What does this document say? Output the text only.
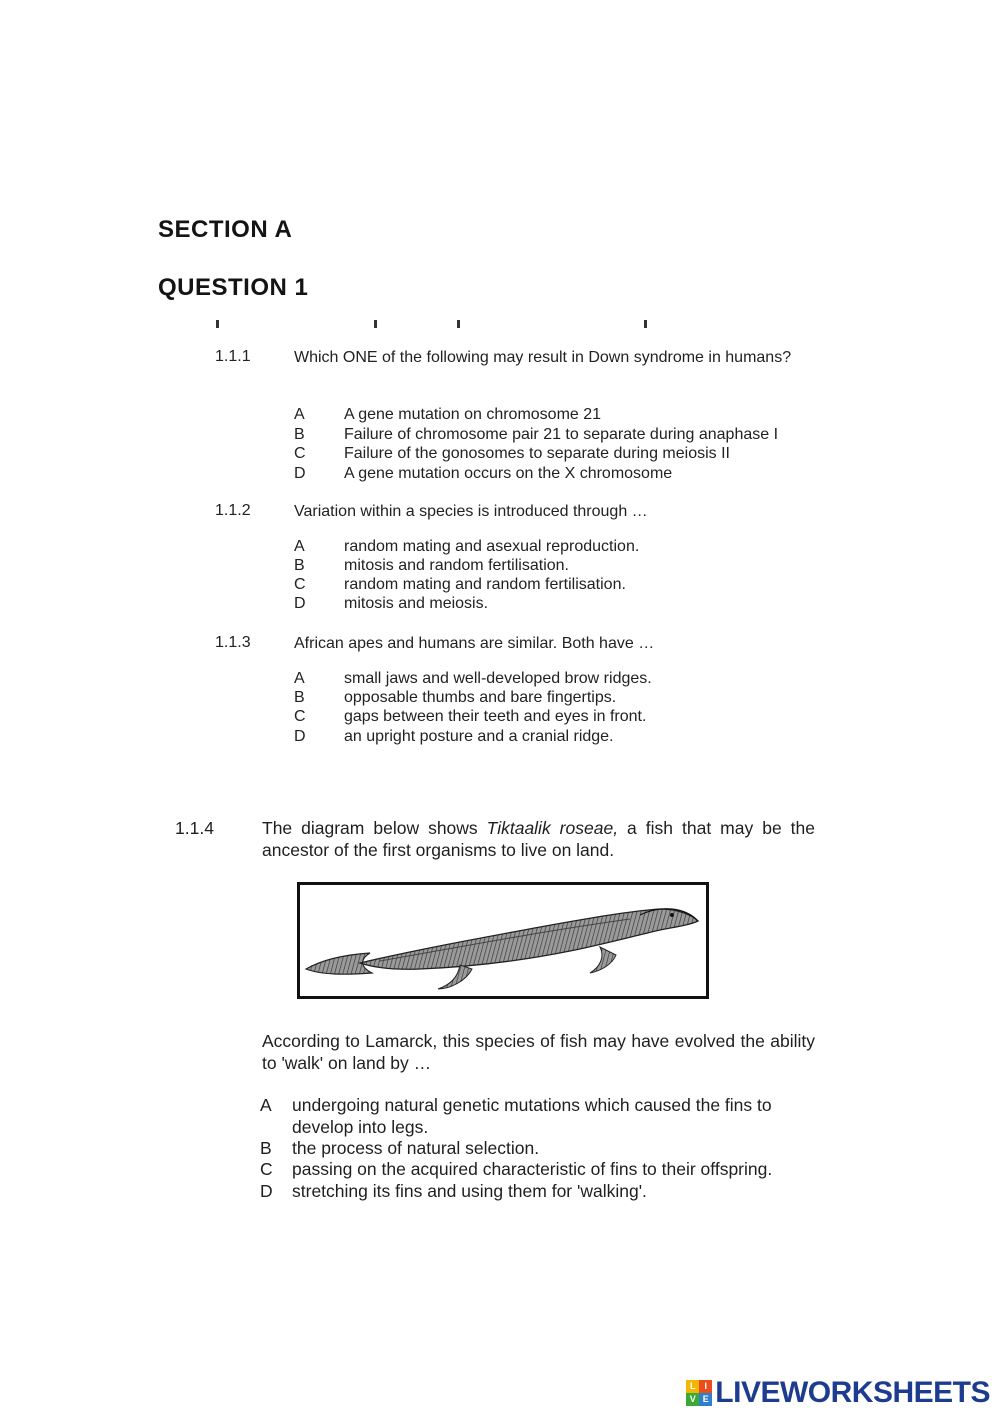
SECTION A
QUESTION 1
1.1.1	Which ONE of the following may result in Down syndrome in humans?
A A gene mutation on chromosome 21
B Failure of chromosome pair 21 to separate during anaphase I
C Failure of the gonosomes to separate during meiosis II
D A gene mutation occurs on the X chromosome
1.1.2	Variation within a species is introduced through …
A random mating and asexual reproduction.
B mitosis and random fertilisation.
C random mating and random fertilisation.
D mitosis and meiosis.
1.1.3	African apes and humans are similar. Both have …
A small jaws and well-developed brow ridges.
B opposable thumbs and bare fingertips.
C gaps between their teeth and eyes in front.
D an upright posture and a cranial ridge.
1.1.4	The diagram below shows Tiktaalik roseae, a fish that may be the ancestor of the first organisms to live on land.
According to Lamarck, this species of fish may have evolved the ability to 'walk' on land by …
A undergoing natural genetic mutations which caused the fins to develop into legs.
B the process of natural selection.
C passing on the acquired characteristic of fins to their offspring.
D stretching its fins and using them for 'walking'.
L I
V E LIVEWORKSHEETS
